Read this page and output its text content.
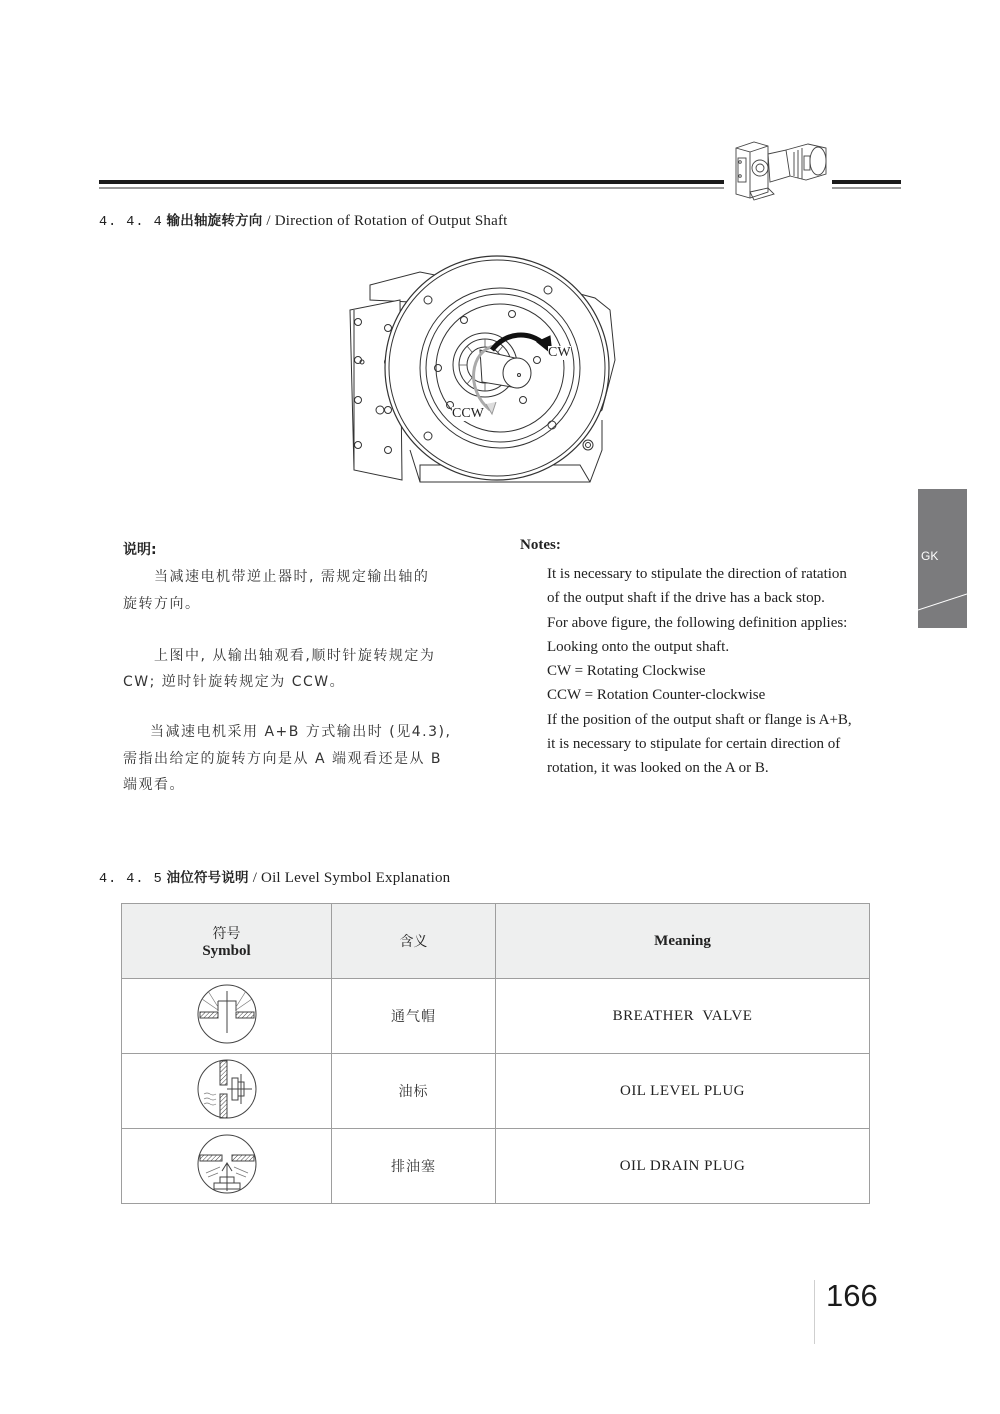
4. 4. 4 输出轴旋转方向 / Direction of Rotation of Output Shaft
CW
CCW
说明:
当减速电机带逆止器时, 需规定输出轴的
旋转方向。
上图中, 从输出轴观看,顺时针旋转规定为
CW; 逆时针旋转规定为 CCW。
当减速电机采用 A+B 方式输出时 (见4.3),
需指出给定的旋转方向是从 A 端观看还是从 B
端观看。
Notes:
It is necessary to stipulate the direction of ratation
of the output shaft if the drive has a back stop.
For above figure, the following definition applies:
Looking onto the output shaft.
CW = Rotating Clockwise
CCW = Rotation Counter-clockwise
If the position of the output shaft or flange is A+B,
it is necessary to stipulate for certain direction of
rotation, it was looked on the A or B.
GK
4. 4. 5 油位符号说明 / Oil Level Symbol Explanation
符号
Symbol	含义	Meaning
	通气帽	BREATHER  VALVE
	油标	OIL LEVEL PLUG
	排油塞	OIL DRAIN PLUG
166
